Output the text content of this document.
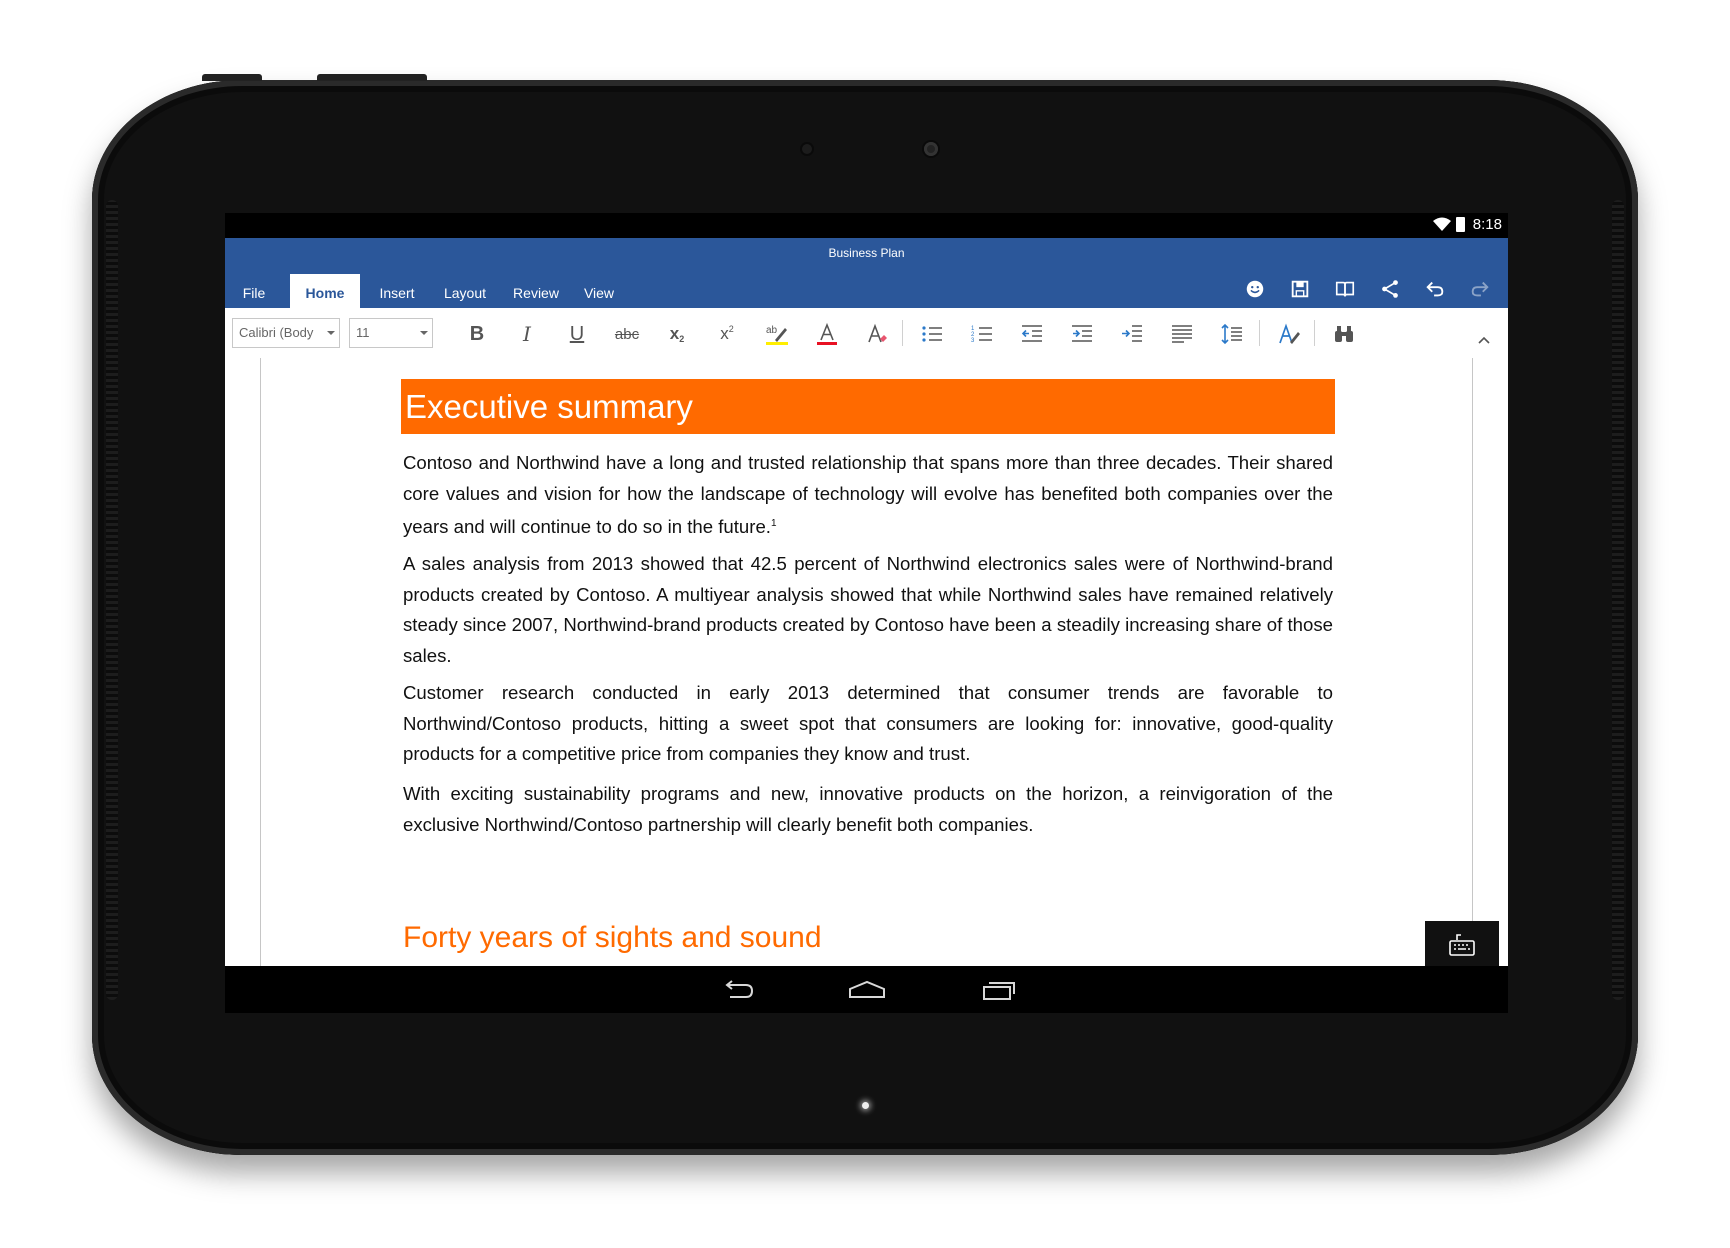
8:18
Business Plan
File	Home	Insert	Layout	Review	View
Calibri (Body	11	B	I	U	abc x 2 x 2	ab	1
2
3
Executive summary
Contoso and Northwind have a long and trusted relationship that spans more than three decades. Their shared core values and vision for how the landscape of technology will evolve has benefited both companies over the years and will continue to do so in the future.$^1$
A sales analysis from 2013 showed that 42.5 percent of Northwind electronics sales were of Northwind-brand products created by Contoso. A multiyear analysis showed that while Northwind sales have remained relatively steady since 2007, Northwind-brand products created by Contoso have been a steadily increasing share of those sales.
Customer research conducted in early 2013 determined that consumer trends are favorable to Northwind/Contoso products, hitting a sweet spot that consumers are looking for: innovative, good-quality products for a competitive price from companies they know and trust.
With exciting sustainability programs and new, innovative products on the horizon, a reinvigoration of the exclusive Northwind/Contoso partnership will clearly benefit both companies.
Forty years of sights and sound
